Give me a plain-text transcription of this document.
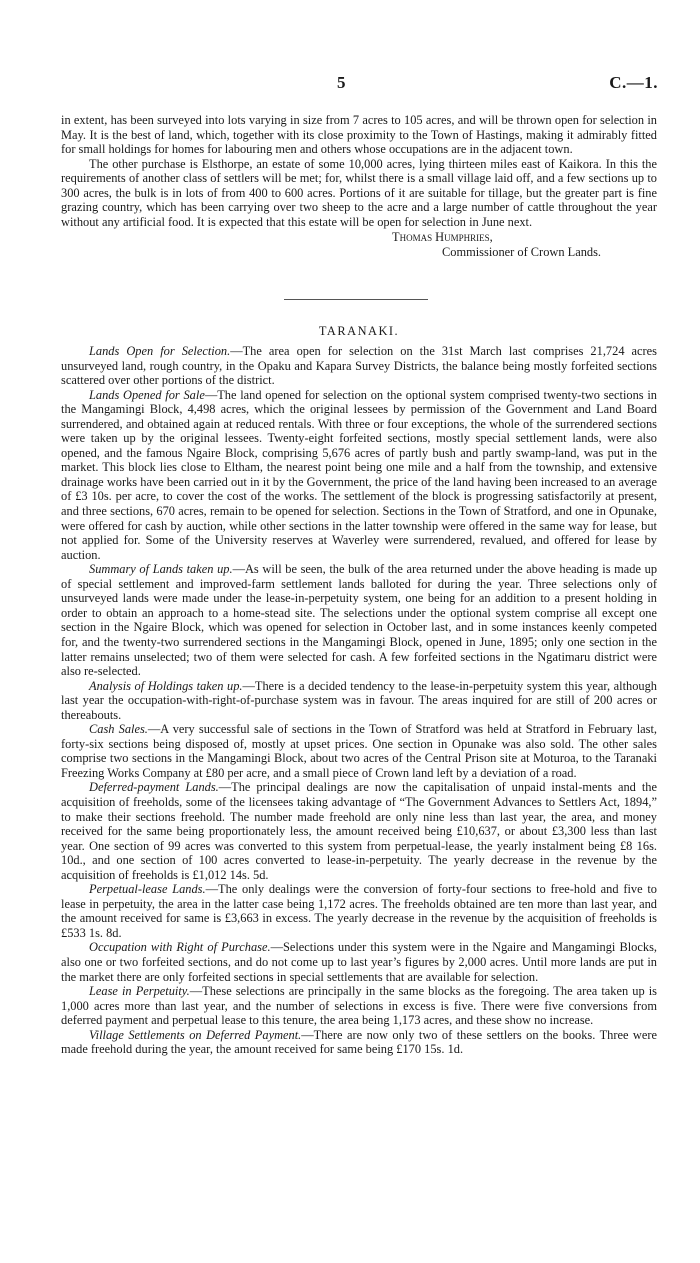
5	C.—1.

in extent, has been surveyed into lots varying in size from 7 acres to 105 acres, and will be thrown open for selection in May. It is the best of land, which, together with its close proximity to the Town of Hastings, making it admirably fitted for small holdings for homes for labouring men and others whose occupations are in the adjacent town.

The other purchase is Elsthorpe, an estate of some 10,000 acres, lying thirteen miles east of Kaikora. In this the requirements of another class of settlers will be met; for, whilst there is a small village laid off, and a few sections up to 300 acres, the bulk is in lots of from 400 to 600 acres. Portions of it are suitable for tillage, but the greater part is fine grazing country, which has been carrying over two sheep to the acre and a large number of cattle throughout the year without any artificial food. It is expected that this estate will be open for selection in June next.

Thomas Humphries,
Commissioner of Crown Lands.
TARANAKI.

Lands Open for Selection.—The area open for selection on the 31st March last comprises 21,724 acres unsurveyed land, rough country, in the Opaku and Kapara Survey Districts, the balance being mostly forfeited sections scattered over other portions of the district.

Lands Opened for Sale—The land opened for selection on the optional system comprised twenty-two sections in the Mangamingi Block, 4,498 acres, which the original lessees by permission of the Government and Land Board surrendered, and obtained again at reduced rentals. With three or four exceptions, the whole of the surrendered sections were taken up by the original lessees. Twenty-eight forfeited sections, mostly special settlement lands, were also opened, and the famous Ngaire Block, comprising 5,676 acres of partly bush and partly swamp-land, was put in the market. This block lies close to Eltham, the nearest point being one mile and a half from the township, and extensive drainage works have been carried out in it by the Government, the price of the land having been increased to an average of £3 10s. per acre, to cover the cost of the works. The settlement of the block is progressing satisfactorily at present, and three sections, 670 acres, remain to be opened for selection. Sections in the Town of Stratford, and one in Opunake, were offered for cash by auction, while other sections in the latter township were offered in the same way for lease, but not applied for. Some of the University reserves at Waverley were surrendered, revalued, and offered for lease by auction.

Summary of Lands taken up.—As will be seen, the bulk of the area returned under the above heading is made up of special settlement and improved-farm settlement lands balloted for during the year. Three selections only of unsurveyed lands were made under the lease-in-perpetuity system, one being for an addition to a present holding in order to obtain an approach to a home-stead site. The selections under the optional system comprise all except one section in the Ngaire Block, which was opened for selection in October last, and in some instances keenly competed for, and the twenty-two surrendered sections in the Mangamingi Block, opened in June, 1895; only one section in the latter remains unselected; two of them were selected for cash. A few forfeited sections in the Ngatimaru district were also re-selected.

Analysis of Holdings taken up.—There is a decided tendency to the lease-in-perpetuity system this year, although last year the occupation-with-right-of-purchase system was in favour. The areas inquired for are still of 200 acres or thereabouts.

Cash Sales.—A very successful sale of sections in the Town of Stratford was held at Stratford in February last, forty-six sections being disposed of, mostly at upset prices. One section in Opunake was also sold. The other sales comprise two sections in the Mangamingi Block, about two acres of the Central Prison site at Moturoa, to the Taranaki Freezing Works Company at £80 per acre, and a small piece of Crown land left by a deviation of a road.

Deferred-payment Lands.—The principal dealings are now the capitalisation of unpaid instal-ments and the acquisition of freeholds, some of the licensees taking advantage of “The Government Advances to Settlers Act, 1894,” to make their sections freehold. The number made freehold are only nine less than last year, the area, and money received for the same being proportionately less, the amount received being £10,637, or about £3,300 less than last year. One section of 99 acres was converted to this system from perpetual-lease, the yearly instalment being £8 16s. 10d., and one section of 100 acres converted to lease-in-perpetuity. The yearly decrease in the revenue by the acquisition of freeholds is £1,012 14s. 5d.

Perpetual-lease Lands.—The only dealings were the conversion of forty-four sections to free-hold and five to lease in perpetuity, the area in the latter case being 1,172 acres. The freeholds obtained are ten more than last year, and the amount received for same is £3,663 in excess. The yearly decrease in the revenue by the acquisition of freeholds is £533 1s. 8d.

Occupation with Right of Purchase.—Selections under this system were in the Ngaire and Mangamingi Blocks, also one or two forfeited sections, and do not come up to last year’s figures by 2,000 acres. Until more lands are put in the market there are only forfeited sections in special settlements that are available for selection.

Lease in Perpetuity.—These selections are principally in the same blocks as the foregoing. The area taken up is 1,000 acres more than last year, and the number of selections in excess is five. There were five conversions from deferred payment and perpetual lease to this tenure, the area being 1,173 acres, and these show no increase.

Village Settlements on Deferred Payment.—There are now only two of these settlers on the books. Three were made freehold during the year, the amount received for same being £170 15s. 1d.
